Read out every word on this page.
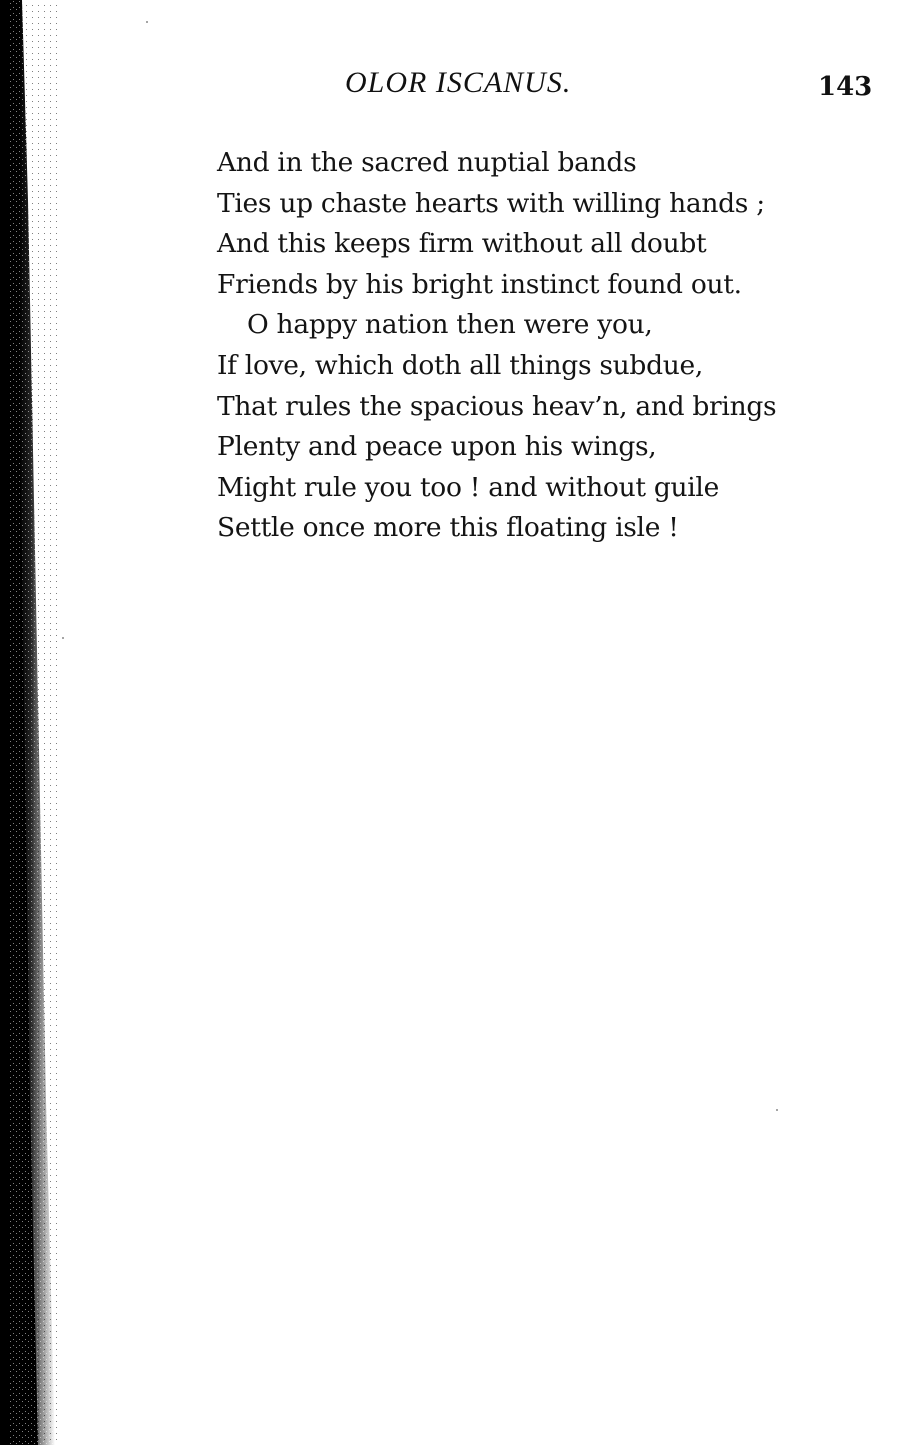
OLOR ISCANUS.	143
And in the sacred nuptial bands
Ties up chaste hearts with willing hands ;
And this keeps firm without all doubt
Friends by his bright instinct found out.
O happy nation then were you,
If love, which doth all things subdue,
That rules the spacious heav’n, and brings
Plenty and peace upon his wings,
Might rule you too ! and without guile
Settle once more this floating isle !
